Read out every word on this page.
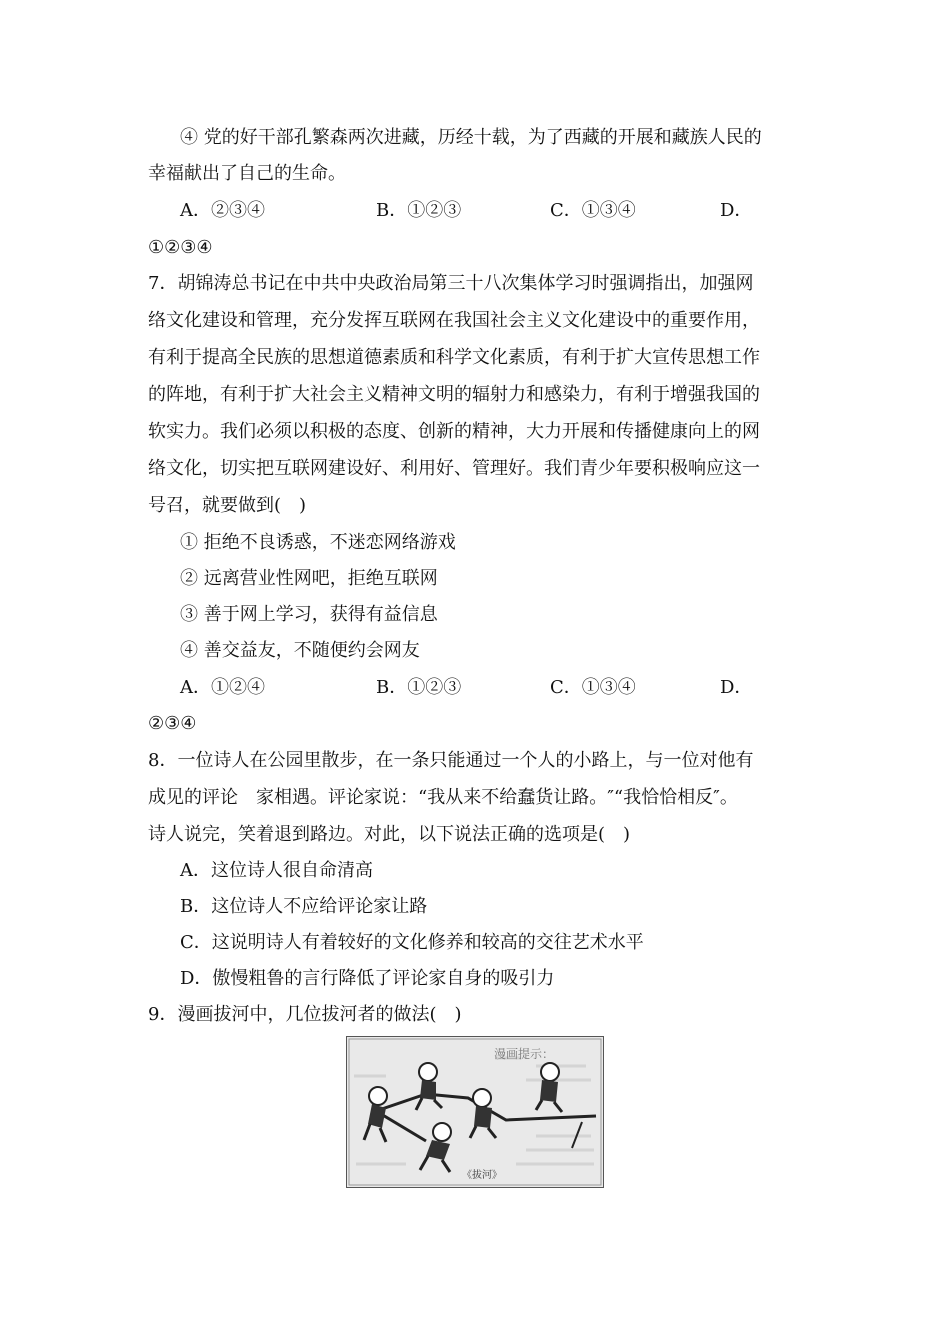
④ 党的好干部孔繁森两次进藏，历经十载，为了西藏的开展和藏族人民的
幸福献出了自己的生命。
A．②③④	B．①②③	C．①③④	D．
①②③④
7．胡锦涛总书记在中共中央政治局第三十八次集体学习时强调指出，加强网
络文化建设和管理，充分发挥互联网在我国社会主义文化建设中的重要作用，
有利于提高全民族的思想道德素质和科学文化素质，有利于扩大宣传思想工作
的阵地，有利于扩大社会主义精神文明的辐射力和感染力，有利于增强我国的
软实力。我们必须以积极的态度、创新的精神，大力开展和传播健康向上的网
络文化，切实把互联网建设好、利用好、管理好。我们青少年要积极响应这一
号召，就要做到(　)
① 拒绝不良诱惑，不迷恋网络游戏
② 远离营业性网吧，拒绝互联网
③ 善于网上学习，获得有益信息
④ 善交益友，不随便约会网友
A．①②④	B．①②③	C．①③④	D．
②③④
8．一位诗人在公园里散步，在一条只能通过一个人的小路上，与一位对他有
成见的评论　家相遇。评论家说：“我从来不给蠢货让路。″“我恰恰相反″。
诗人说完，笑着退到路边。对此，以下说法正确的选项是(　)
A．这位诗人很自命清高
B．这位诗人不应给评论家让路
C．这说明诗人有着较好的文化修养和较高的交往艺术水平
D．傲慢粗鲁的言行降低了评论家自身的吸引力
9．漫画拔河中，几位拔河者的做法(　)
漫画提示：
《拔河》
